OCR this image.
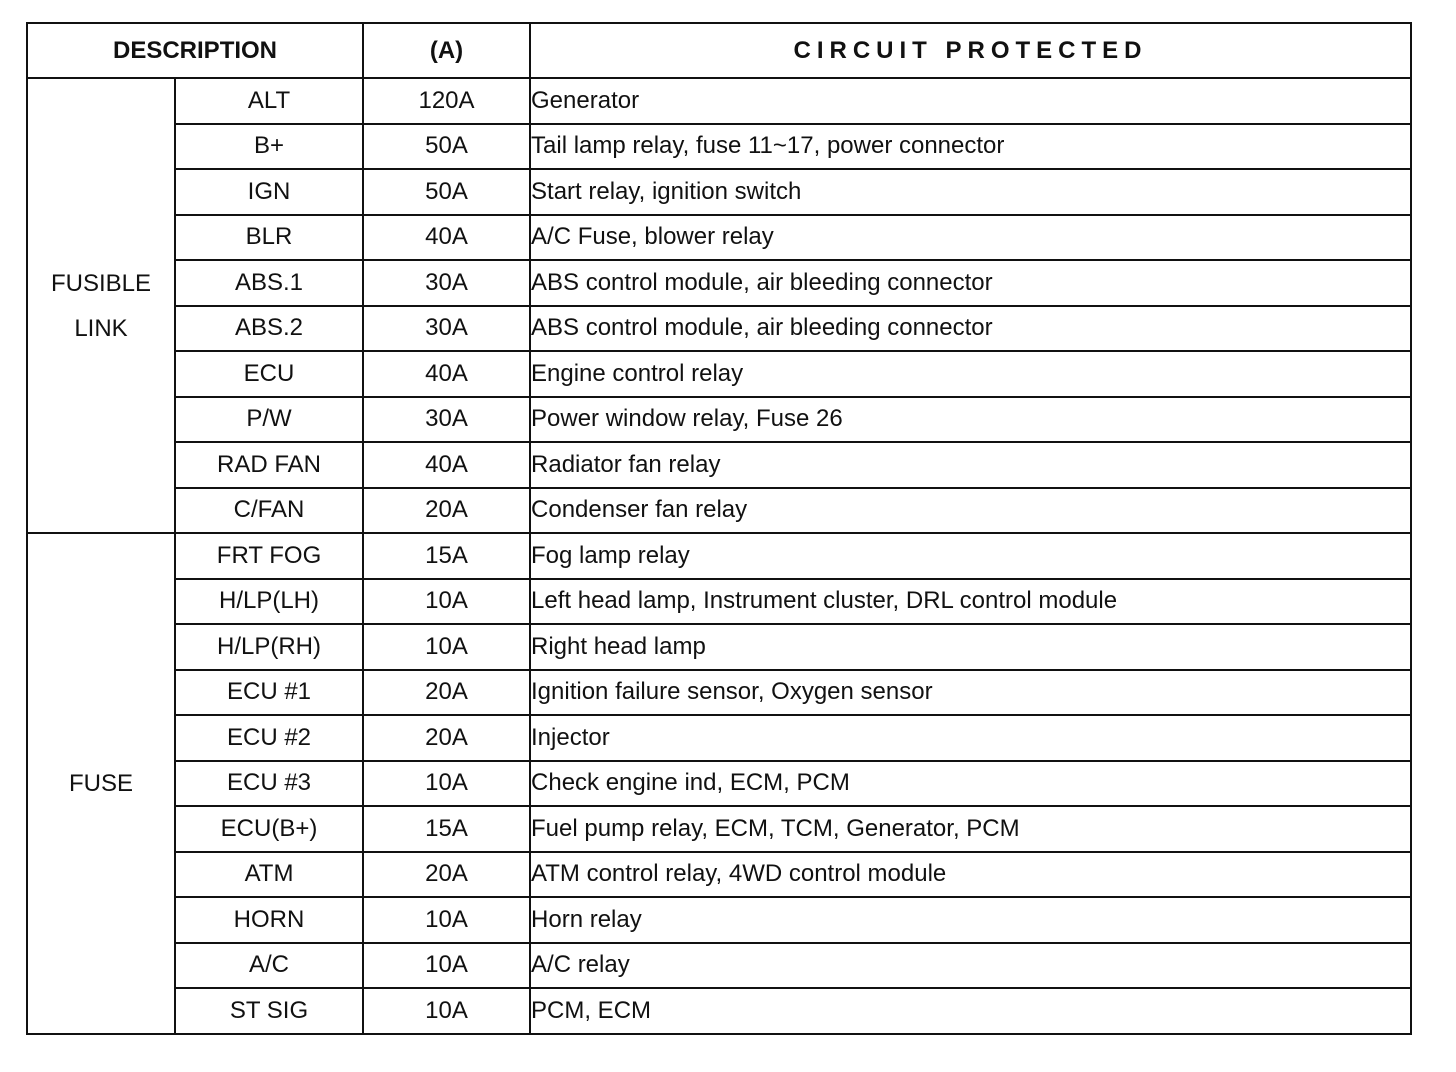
DESCRIPTION		(A)	CIRCUIT PROTECTED

FUSIBLE
LINK	ALT	120A	Generator
	B+	50A	Tail lamp relay, fuse 11~17, power connector
	IGN	50A	Start relay, ignition switch
	BLR	40A	A/C Fuse, blower relay
	ABS.1	30A	ABS control module, air bleeding connector
	ABS.2	30A	ABS control module, air bleeding connector
	ECU	40A	Engine control relay
	P/W	30A	Power window relay, Fuse 26
	RAD FAN	40A	Radiator fan relay
	C/FAN	20A	Condenser fan relay

FUSE	FRT FOG	15A	Fog lamp relay
	H/LP(LH)	10A	Left head lamp, Instrument cluster, DRL control module
	H/LP(RH)	10A	Right head lamp
	ECU #1	20A	Ignition failure sensor, Oxygen sensor
	ECU #2	20A	Injector
	ECU #3	10A	Check engine ind, ECM, PCM
	ECU(B+)	15A	Fuel pump relay, ECM, TCM, Generator, PCM
	ATM	20A	ATM control relay, 4WD control module
	HORN	10A	Horn relay
	A/C	10A	A/C relay
	ST SIG	10A	PCM, ECM
